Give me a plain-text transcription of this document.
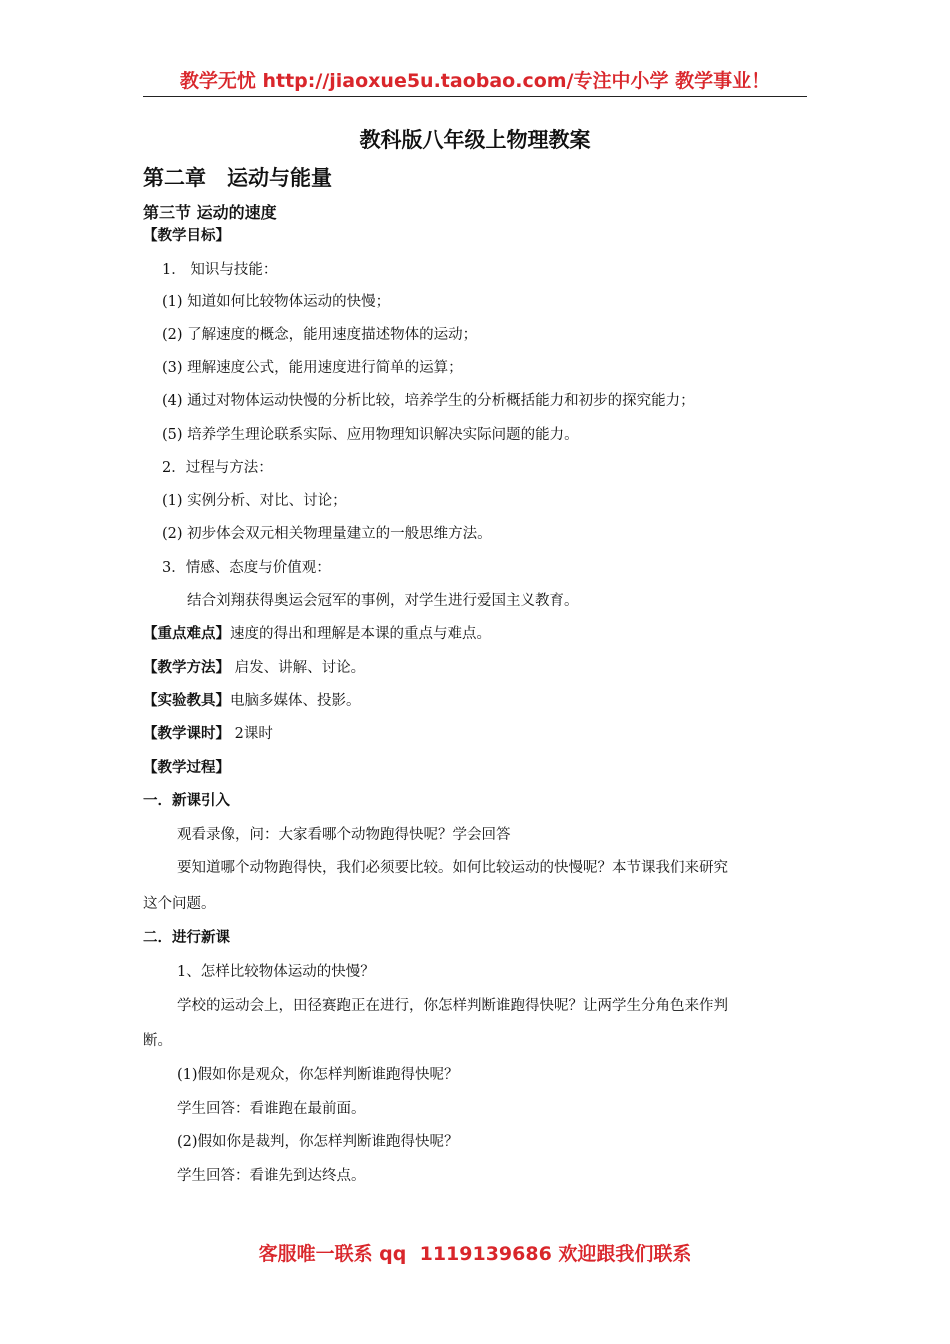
教学无忧 http://jiaoxue5u.taobao.com/专注中小学 教学事业！
教科版八年级上物理教案
第二章　运动与能量
第三节 运动的速度
【教学目标】
1． 知识与技能：
(1) 知道如何比较物体运动的快慢；
(2) 了解速度的概念，能用速度描述物体的运动；
(3) 理解速度公式，能用速度进行简单的运算；
(4) 通过对物体运动快慢的分析比较，培养学生的分析概括能力和初步的探究能力；
(5) 培养学生理论联系实际、应用物理知识解决实际问题的能力。
2．过程与方法：
(1) 实例分析、对比、讨论；
(2) 初步体会双元相关物理量建立的一般思维方法。
3．情感、态度与价值观：
结合刘翔获得奥运会冠军的事例，对学生进行爱国主义教育。
【重点难点】速度的得出和理解是本课的重点与难点。
【教学方法】 启发、讲解、讨论。
【实验教具】电脑多媒体、投影。
【教学课时】 2课时
【教学过程】
一．新课引入
观看录像，问：大家看哪个动物跑得快呢？学会回答
要知道哪个动物跑得快，我们必须要比较。如何比较运动的快慢呢？本节课我们来研究
这个问题。
二．进行新课
1、怎样比较物体运动的快慢？
学校的运动会上，田径赛跑正在进行，你怎样判断谁跑得快呢？让两学生分角色来作判
断。
(1)假如你是观众，你怎样判断谁跑得快呢？
学生回答：看谁跑在最前面。
(2)假如你是裁判，你怎样判断谁跑得快呢？
学生回答：看谁先到达终点。
客服唯一联系 qq  1119139686 欢迎跟我们联系
